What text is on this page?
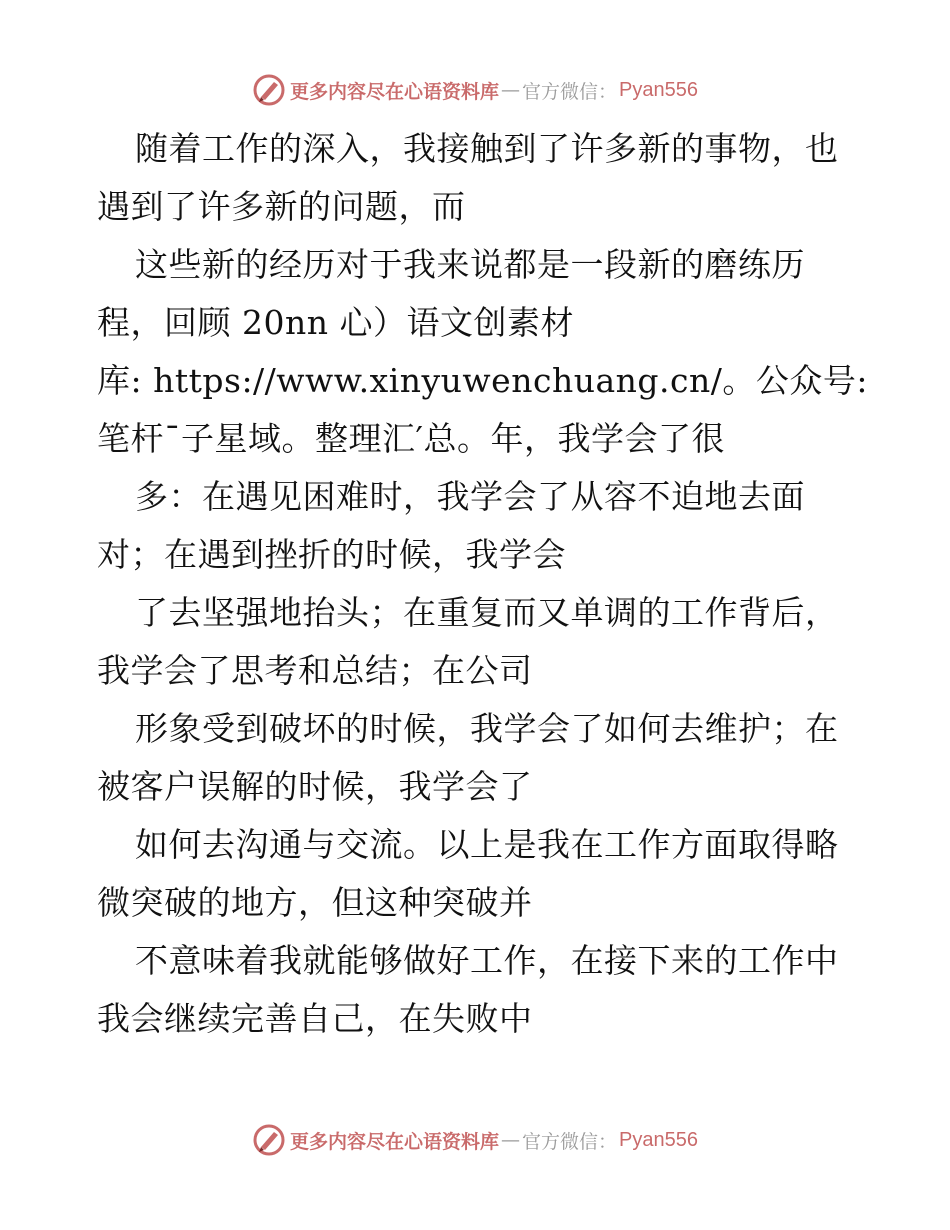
更多内容尽在心语资料库 — 官方微信： Pyan556
随着工作的深入，我接触到了许多新的事物，也
遇到了许多新的问题，而
这些新的经历对于我来说都是一段新的磨练历
程，回顾 20nn 心）语文创素材
库: https://www.xinyuwenchuang.cn/。公众号:
笔杆¯子星域。整理汇′总。年，我学会了很
多：在遇见困难时，我学会了从容不迫地去面
对；在遇到挫折的时候，我学会
了去坚强地抬头；在重复而又单调的工作背后，
我学会了思考和总结；在公司
形象受到破坏的时候，我学会了如何去维护；在
被客户误解的时候，我学会了
如何去沟通与交流。以上是我在工作方面取得略
微突破的地方，但这种突破并
不意味着我就能够做好工作，在接下来的工作中
我会继续完善自己，在失败中
更多内容尽在心语资料库 — 官方微信： Pyan556
